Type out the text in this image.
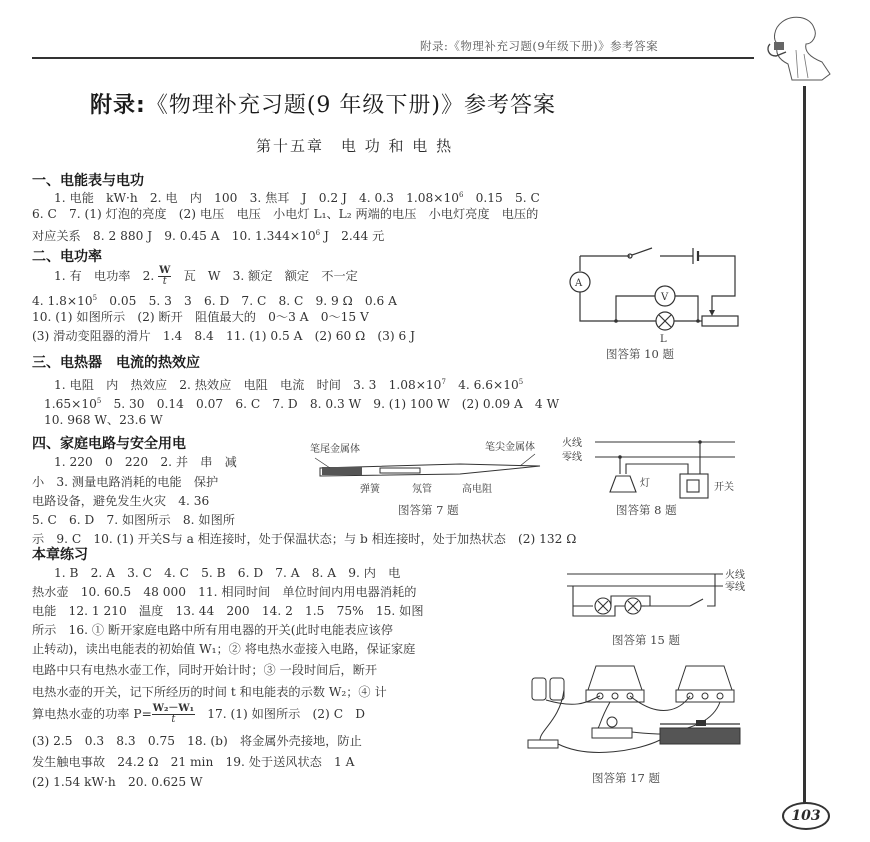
附录:《物理补充习题(9年级下册)》参考答案
103
附录:《物理补充习题(9 年级下册)》参考答案
第十五章　电 功 和 电 热
一、电能表与电功
1. 电能　kW·h　2. 电　内　100　3. 焦耳　J　0.2 J　4. 0.3　$1.08\times 10^6$　0.15　5. C
6. C　7. (1) 灯泡的亮度　(2) 电压　电压　小电灯 L₁、L₂ 两端的电压　小电灯亮度　电压的
对应关系　8. 2 880 J　9. 0.45 A　10. $1.344\times 10^6$ J　2.44 元
二、电功率
1. 有　电功率　2. $\frac{W}{t}$
　 瓦　W　3. 额定　额定　不一定
4. $1.8\times 10^5$　0.05　5. 3　3　6. D　7. C　8. C　9. 9 Ω　0.6 A
10. (1) 如图所示　(2) 断开　阻值最大的　0～3 A　0～15 V
(3) 滑动变阻器的滑片　1.4　8.4　11. (1) 0.5 A　(2) 60 Ω　(3) 6 J
A
V
L
图答第 10 题
三、电热器　电流的热效应
1. 电阻　内　热效应　2. 热效应　电阻　电流　时间　3. 3　$1.08\times 10^7$　4. $6.6\times 10^5$
$1.65\times 10^5$　5. 30　0.14　0.07　6. C　7. D　8. 0.3 W　9. (1) 100 W　(2) 0.09 A　4 W
10. 968 W、23.6 W
四、家庭电路与安全用电
1. 220　0　220　2. 并　串　减
小　3. 测量电路消耗的电能　保护
电路设备，避免发生火灾　4. 36
5. C　6. D　7. 如图所示　8. 如图所
示　9. C　10. (1) 开关S与 a 相连接时，处于保温状态；与 b 相连接时，处于加热状态　(2) 132 Ω
笔尾金属体	笔尖金属体
弹簧	氖管	高电阻
图答第 7 题
火线
零线
灯	开关
图答第 8 题
本章练习
1. B　2. A　3. C　4. C　5. B　6. D　7. A　8. A　9. 内　电
热水壶　10. 60.5　48 000　11. 相同时间　单位时间内用电器消耗的
电能　12. 1 210　温度　13. 44　200　14. 2　1.5　75%　15. 如图
所示　16. ① 断开家庭电路中所有用电器的开关(此时电能表应该停
止转动)，读出电能表的初始值 W₁；② 将电热水壶接入电路，保证家庭
电路中只有电热水壶工作，同时开始计时；③ 一段时间后，断开
电热水壶的开关，记下所经历的时间 t 和电能表的示数 W₂；④ 计
算电热水壶的功率 $P= \frac{\text{W₂－W₁}}{t}$ 　17. (1) 如图所示　(2) C　D
(3) 2.5　0.3　8.3　0.75　18. (b)　将金属外壳接地，防止
发生触电事故　24.2 Ω　21 min　19. 处于送风状态　1 A
(2) 1.54 kW·h　20. 0.625 W
火线
零线
图答第 15 题
图答第 17 题
